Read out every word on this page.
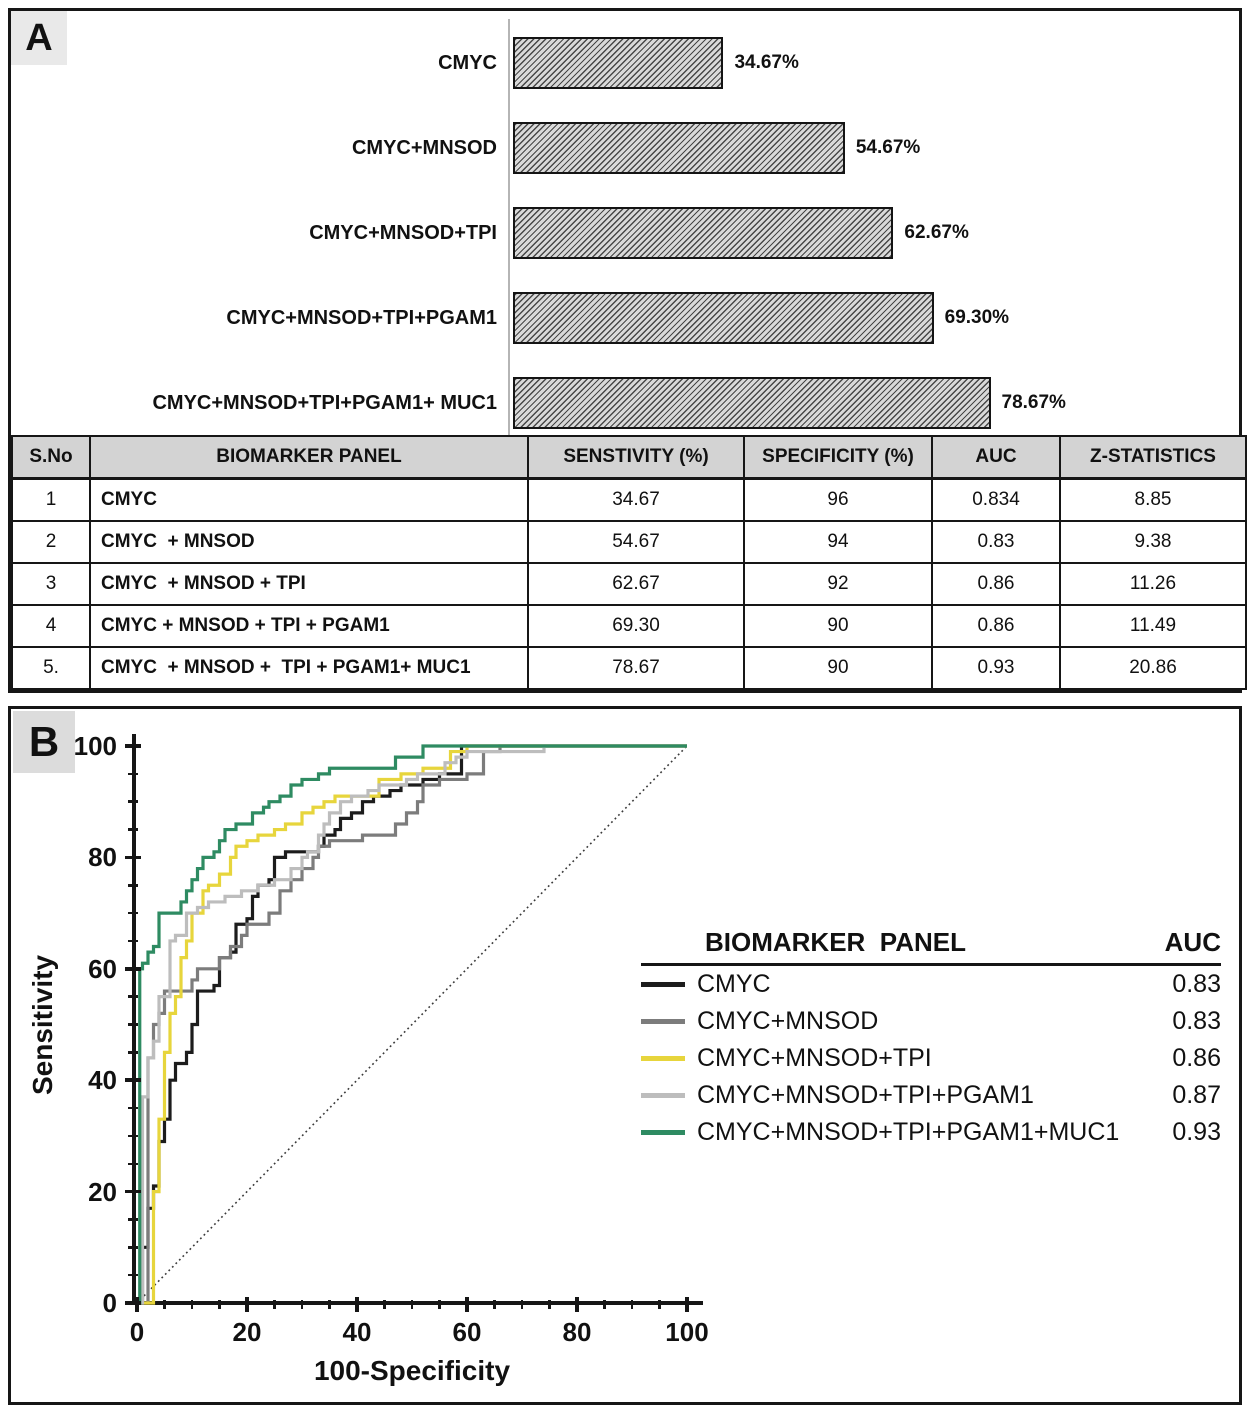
A
CMYC	34.67%
CMYC+MNSOD	54.67%
CMYC+MNSOD+TPI	62.67%
CMYC+MNSOD+TPI+PGAM1	69.30%
CMYC+MNSOD+TPI+PGAM1+ MUC1	78.67%
S.No	BIOMARKER PANEL	SENSTIVITY (%)	SPECIFICITY (%)	AUC	Z-STATISTICS
1	CMYC	34.67	96	0.834	8.85
2	CMYC  + MNSOD	54.67	94	0.83	9.38
3	CMYC  + MNSOD + TPI	62.67	92	0.86	11.26
4	CMYC + MNSOD + TPI + PGAM1	69.30	90	0.86	11.49
5.	CMYC  + MNSOD +  TPI + PGAM1+ MUC1	78.67	90	0.93	20.86
B
Sensitivity
0
0
20
20
40
40
60
60
80
80
100
100
100-Specificity
BIOMARKER  PANEL	AUC
CMYC	0.83
CMYC+MNSOD	0.83
CMYC+MNSOD+TPI	0.86
CMYC+MNSOD+TPI+PGAM1	0.87
CMYC+MNSOD+TPI+PGAM1+MUC1	0.93
